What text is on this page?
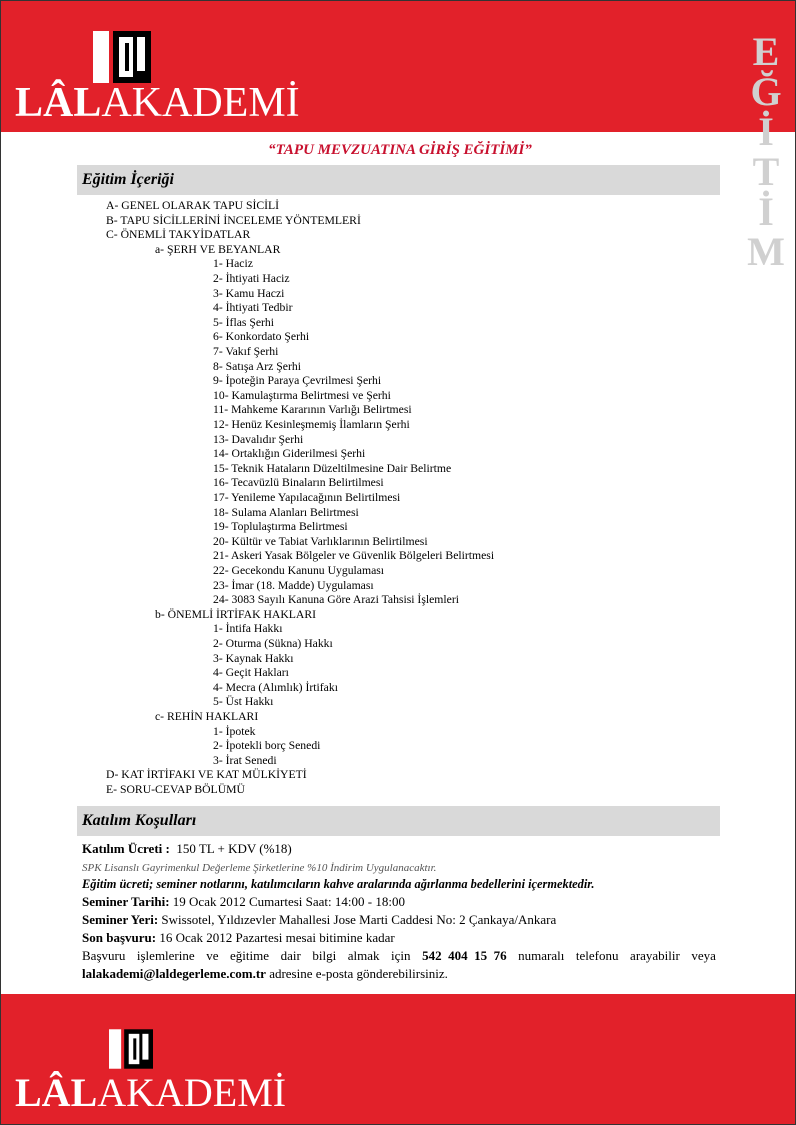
LÂLAKADEMİ
E
Ğ
İ
T
İ
M
“TAPU MEVZUATINA GİRİŞ EĞİTİMİ”
Eğitim İçeriği
A- GENEL OLARAK TAPU SİCİLİ
B- TAPU SİCİLLERİNİ İNCELEME YÖNTEMLERİ
C- ÖNEMLİ TAKYİDATLAR
a- ŞERH VE BEYANLAR
1- Haciz
2- İhtiyati Haciz
3- Kamu Haczi
4- İhtiyati Tedbir
5- İflas Şerhi
6- Konkordato Şerhi
7- Vakıf Şerhi
8- Satışa Arz Şerhi
9- İpoteğin Paraya Çevrilmesi Şerhi
10- Kamulaştırma Belirtmesi ve Şerhi
11- Mahkeme Kararının Varlığı Belirtmesi
12- Henüz Kesinleşmemiş İlamların Şerhi
13- Davalıdır Şerhi
14- Ortaklığın Giderilmesi Şerhi
15- Teknik Hataların Düzeltilmesine Dair Belirtme
16- Tecavüzlü Binaların Belirtilmesi
17- Yenileme Yapılacağının Belirtilmesi
18- Sulama Alanları Belirtmesi
19- Toplulaştırma Belirtmesi
20- Kültür ve Tabiat Varlıklarının Belirtilmesi
21- Askeri Yasak Bölgeler ve Güvenlik Bölgeleri Belirtmesi
22- Gecekondu Kanunu Uygulaması
23- İmar (18. Madde) Uygulaması
24- 3083 Sayılı Kanuna Göre Arazi Tahsisi İşlemleri
b- ÖNEMLİ İRTİFAK HAKLARI
1- İntifa Hakkı
2- Oturma (Sükna) Hakkı
3- Kaynak Hakkı
4- Geçit Hakları
4- Mecra (Alımlık) İrtifakı
5- Üst Hakkı
c- REHİN HAKLARI
1- İpotek
2- İpotekli borç Senedi
3- İrat Senedi
D- KAT İRTİFAKI VE KAT MÜLKİYETİ
E- SORU-CEVAP BÖLÜMÜ
Katılım Koşulları
Katılım Ücreti : 150 TL + KDV (%18)
SPK Lisanslı Gayrimenkul Değerleme Şirketlerine %10 İndirim Uygulanacaktır.
Eğitim ücreti; seminer notlarını, katılımcıların kahve aralarında ağırlanma bedellerini içermektedir.
Seminer Tarihi: 19 Ocak 2012 Cumartesi Saat: 14:00 - 18:00
Seminer Yeri: Swissotel, Yıldızevler Mahallesi Jose Marti Caddesi No: 2 Çankaya/Ankara
Son başvuru: 16 Ocak 2012 Pazartesi mesai bitimine kadar
Başvuru işlemlerine ve eğitime dair bilgi almak için 542  404  15  76 numaralı telefonu arayabilir veya
lalakademi@laldegerleme.com.tr adresine e-posta gönderebilirsiniz.
LÂLAKADEMİ
